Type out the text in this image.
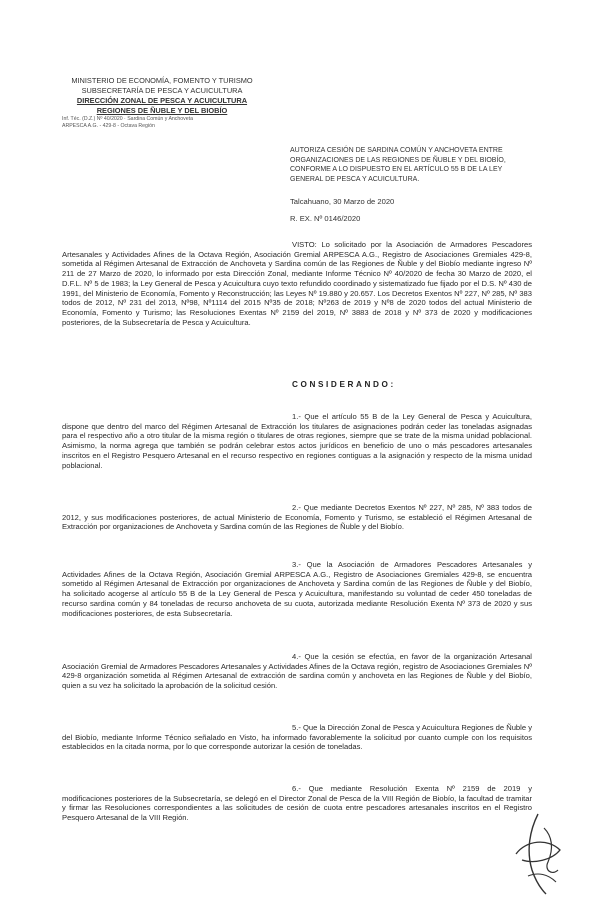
MINISTERIO DE ECONOMÍA, FOMENTO Y TURISMO
SUBSECRETARÍA DE PESCA Y ACUICULTURA
DIRECCIÓN ZONAL DE PESCA Y ACUICULTURA
REGIONES DE ÑUBLE Y DEL BIOBÍO
Inf. Téc. (D.Z.) Nº 40/2020 · Sardina Común y Anchoveta
ARPESCA A.G. - 429-8 - Octava Región
AUTORIZA CESIÓN DE SARDINA COMÚN Y ANCHOVETA ENTRE ORGANIZACIONES DE LAS REGIONES DE ÑUBLE Y DEL BIOBÍO, CONFORME A LO DISPUESTO EN EL ARTÍCULO 55 B DE LA LEY GENERAL DE PESCA Y ACUICULTURA.
Talcahuano, 30 Marzo de 2020
R. EX. Nº 0146/2020
VISTO: Lo solicitado por la Asociación de Armadores Pescadores Artesanales y Actividades Afines de la Octava Región, Asociación Gremial ARPESCA A.G., Registro de Asociaciones Gremiales 429-8, sometida al Régimen Artesanal de Extracción de Anchoveta y Sardina común de las Regiones de Ñuble y del Biobío mediante ingreso Nº 211 de 27 Marzo de 2020, lo informado por esta Dirección Zonal, mediante Informe Técnico Nº 40/2020 de fecha 30 Marzo de 2020, el D.F.L. Nº 5 de 1983; la Ley General de Pesca y Acuicultura cuyo texto refundido coordinado y sistematizado fue fijado por el D.S. Nº 430 de 1991, del Ministerio de Economía, Fomento y Reconstrucción; las Leyes Nº 19.880 y 20.657. Los Decretos Exentos Nº 227, Nº 285, Nº 383 todos de 2012, Nº 231 del 2013, Nº98, Nº1114 del 2015 Nº35 de 2018; Nº263 de 2019 y Nº8 de 2020 todos del actual Ministerio de Economía, Fomento y Turismo; las Resoluciones Exentas Nº 2159 del 2019, Nº 3883 de 2018 y Nº 373 de 2020 y modificaciones posteriores, de la Subsecretaría de Pesca y Acuicultura.
CONSIDERANDO:
1.- Que el artículo 55 B de la Ley General de Pesca y Acuicultura, dispone que dentro del marco del Régimen Artesanal de Extracción los titulares de asignaciones podrán ceder las toneladas asignadas para el respectivo año a otro titular de la misma región o titulares de otras regiones, siempre que se trate de la misma unidad poblacional. Asimismo, la norma agrega que también se podrán celebrar estos actos jurídicos en beneficio de uno o más pescadores artesanales inscritos en el Registro Pesquero Artesanal en el recurso respectivo en regiones contiguas a la asignación y respecto de la misma unidad poblacional.
2.- Que mediante Decretos Exentos Nº 227, Nº 285, Nº 383 todos de 2012, y sus modificaciones posteriores, de actual Ministerio de Economía, Fomento y Turismo, se estableció el Régimen Artesanal de Extracción por organizaciones de Anchoveta y Sardina común de las Regiones de Ñuble y del Biobío.
3.- Que la Asociación de Armadores Pescadores Artesanales y Actividades Afines de la Octava Región, Asociación Gremial ARPESCA A.G., Registro de Asociaciones Gremiales 429-8, se encuentra sometido al Régimen Artesanal de Extracción por organizaciones de Anchoveta y Sardina común de las Regiones de Ñuble y del Biobío, ha solicitado acogerse al artículo 55 B de la Ley General de Pesca y Acuicultura, manifestando su voluntad de ceder 450 toneladas de recurso sardina común y 84 toneladas de recurso anchoveta de su cuota, autorizada mediante Resolución Exenta Nº 373 de 2020 y sus modificaciones posteriores, de esta Subsecretaría.
4.- Que la cesión se efectúa, en favor de la organización Artesanal Asociación Gremial de Armadores Pescadores Artesanales y Actividades Afines de la Octava región, registro de Asociaciones Gremiales Nº 429-8 organización sometida al Régimen Artesanal de extracción de sardina común y anchoveta en las Regiones de Ñuble y del Biobío, quien a su vez ha solicitado la aprobación de la solicitud cesión.
5.- Que la Dirección Zonal de Pesca y Acuicultura Regiones de Ñuble y del Biobío, mediante Informe Técnico señalado en Visto, ha informado favorablemente la solicitud por cuanto cumple con los requisitos establecidos en la citada norma, por lo que corresponde autorizar la cesión de toneladas.
6.- Que mediante Resolución Exenta Nº 2159 de 2019 y modificaciones posteriores de la Subsecretaría, se delegó en el Director Zonal de Pesca de la VIII Región de Biobío, la facultad de tramitar y firmar las Resoluciones correspondientes a las solicitudes de cesión de cuota entre pescadores artesanales inscritos en el Registro Pesquero Artesanal de la VIII Región.
